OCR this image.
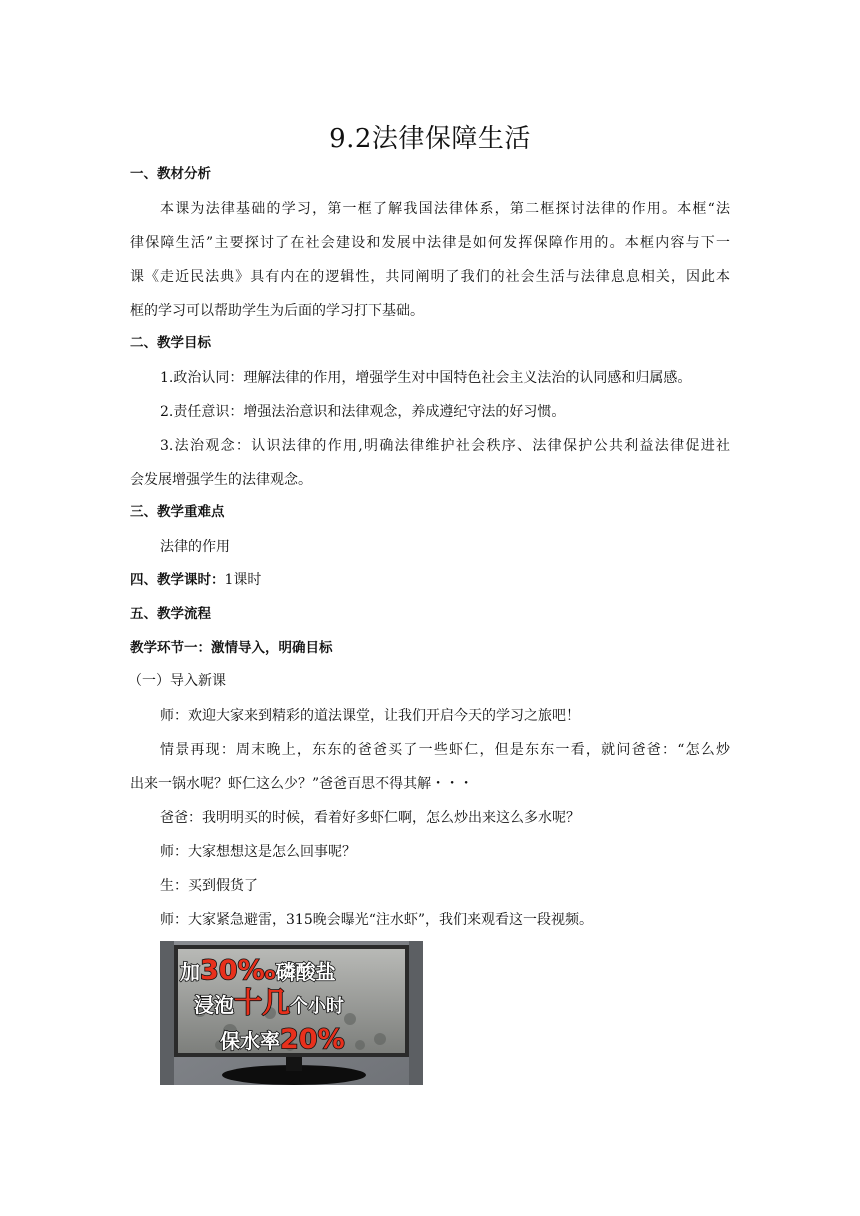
9.2法律保障生活
一、教材分析
本课为法律基础的学习，第一框了解我国法律体系，第二框探讨法律的作用。本框“法
律保障生活”主要探讨了在社会建设和发展中法律是如何发挥保障作用的。本框内容与下一
课《走近民法典》具有内在的逻辑性，共同阐明了我们的社会生活与法律息息相关，因此本
框的学习可以帮助学生为后面的学习打下基础。
二、教学目标
1.政治认同：理解法律的作用，增强学生对中国特色社会主义法治的认同感和归属感。
2.责任意识：增强法治意识和法律观念，养成遵纪守法的好习惯。
3.法治观念：认识法律的作用,明确法律维护社会秩序、法律保护公共利益法律促进社
会发展增强学生的法律观念。
三、教学重难点
法律的作用
四、教学课时：1课时
五、教学流程
教学环节一：激情导入，明确目标
（一）导入新课
师：欢迎大家来到精彩的道法课堂，让我们开启今天的学习之旅吧！
情景再现：周末晚上，东东的爸爸买了一些虾仁，但是东东一看，就问爸爸：“怎么炒
出来一锅水呢？虾仁这么少？”爸爸百思不得其解・・・
爸爸：我明明买的时候，看着好多虾仁啊，怎么炒出来这么多水呢？
师：大家想想这是怎么回事呢？
生：买到假货了
师：大家紧急避雷，315晚会曝光“注水虾”，我们来观看这一段视频。
加30%o磷酸盐
浸泡十几个小时
保水率20%
